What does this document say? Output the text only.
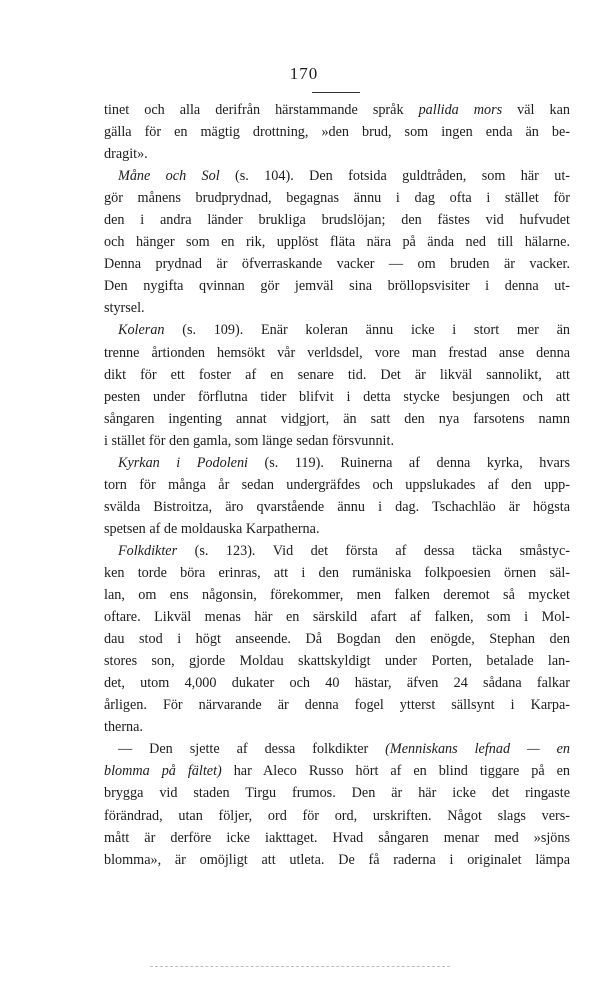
170
tinet och alla derifrån härstammande språk pallida mors väl kan
gälla för en mägtig drottning, »den brud, som ingen enda än be-
dragit».
Måne och Sol (s. 104). Den fotsida guldtråden, som här ut-
gör månens brudprydnad, begagnas ännu i dag ofta i stället för
den i andra länder brukliga brudslöjan; den fästes vid hufvudet
och hänger som en rik, upplöst fläta nära på ända ned till hälarne.
Denna prydnad är öfverraskande vacker — om bruden är vacker.
Den nygifta qvinnan gör jemväl sina bröllopsvisiter i denna ut-
styrsel.
Koleran (s. 109). Enär koleran ännu icke i stort mer än
trenne årtionden hemsökt vår verldsdel, vore man frestad anse denna
dikt för ett foster af en senare tid. Det är likväl sannolikt, att
pesten under förflutna tider blifvit i detta stycke besjungen och att
sångaren ingenting annat vidgjort, än satt den nya farsotens namn
i stället för den gamla, som länge sedan försvunnit.
Kyrkan i Podoleni (s. 119). Ruinerna af denna kyrka, hvars
torn för många år sedan undergräfdes och uppslukades af den upp-
svälda Bistroitza, äro qvarstående ännu i dag. Tschachläo är högsta
spetsen af de moldauska Karpatherna.
Folkdikter (s. 123). Vid det första af dessa täcka småstyc-
ken torde böra erinras, att i den rumäniska folkpoesien örnen säl-
lan, om ens någonsin, förekommer, men falken deremot så mycket
oftare. Likväl menas här en särskild afart af falken, som i Mol-
dau stod i högt anseende. Då Bogdan den enögde, Stephan den
stores son, gjorde Moldau skattskyldigt under Porten, betalade lan-
det, utom 4,000 dukater och 40 hästar, äfven 24 sådana falkar
årligen. För närvarande är denna fogel ytterst sällsynt i Karpa-
therna.
— Den sjette af dessa folkdikter (Menniskans lefnad — en
blomma på fältet) har Aleco Russo hört af en blind tiggare på en
brygga vid staden Tirgu frumos. Den är här icke det ringaste
förändrad, utan följer, ord för ord, urskriften. Något slags vers-
mått är derföre icke iakttaget. Hvad sångaren menar med »sjöns
blomma», är omöjligt att utleta. De få raderna i originalet lämpa
